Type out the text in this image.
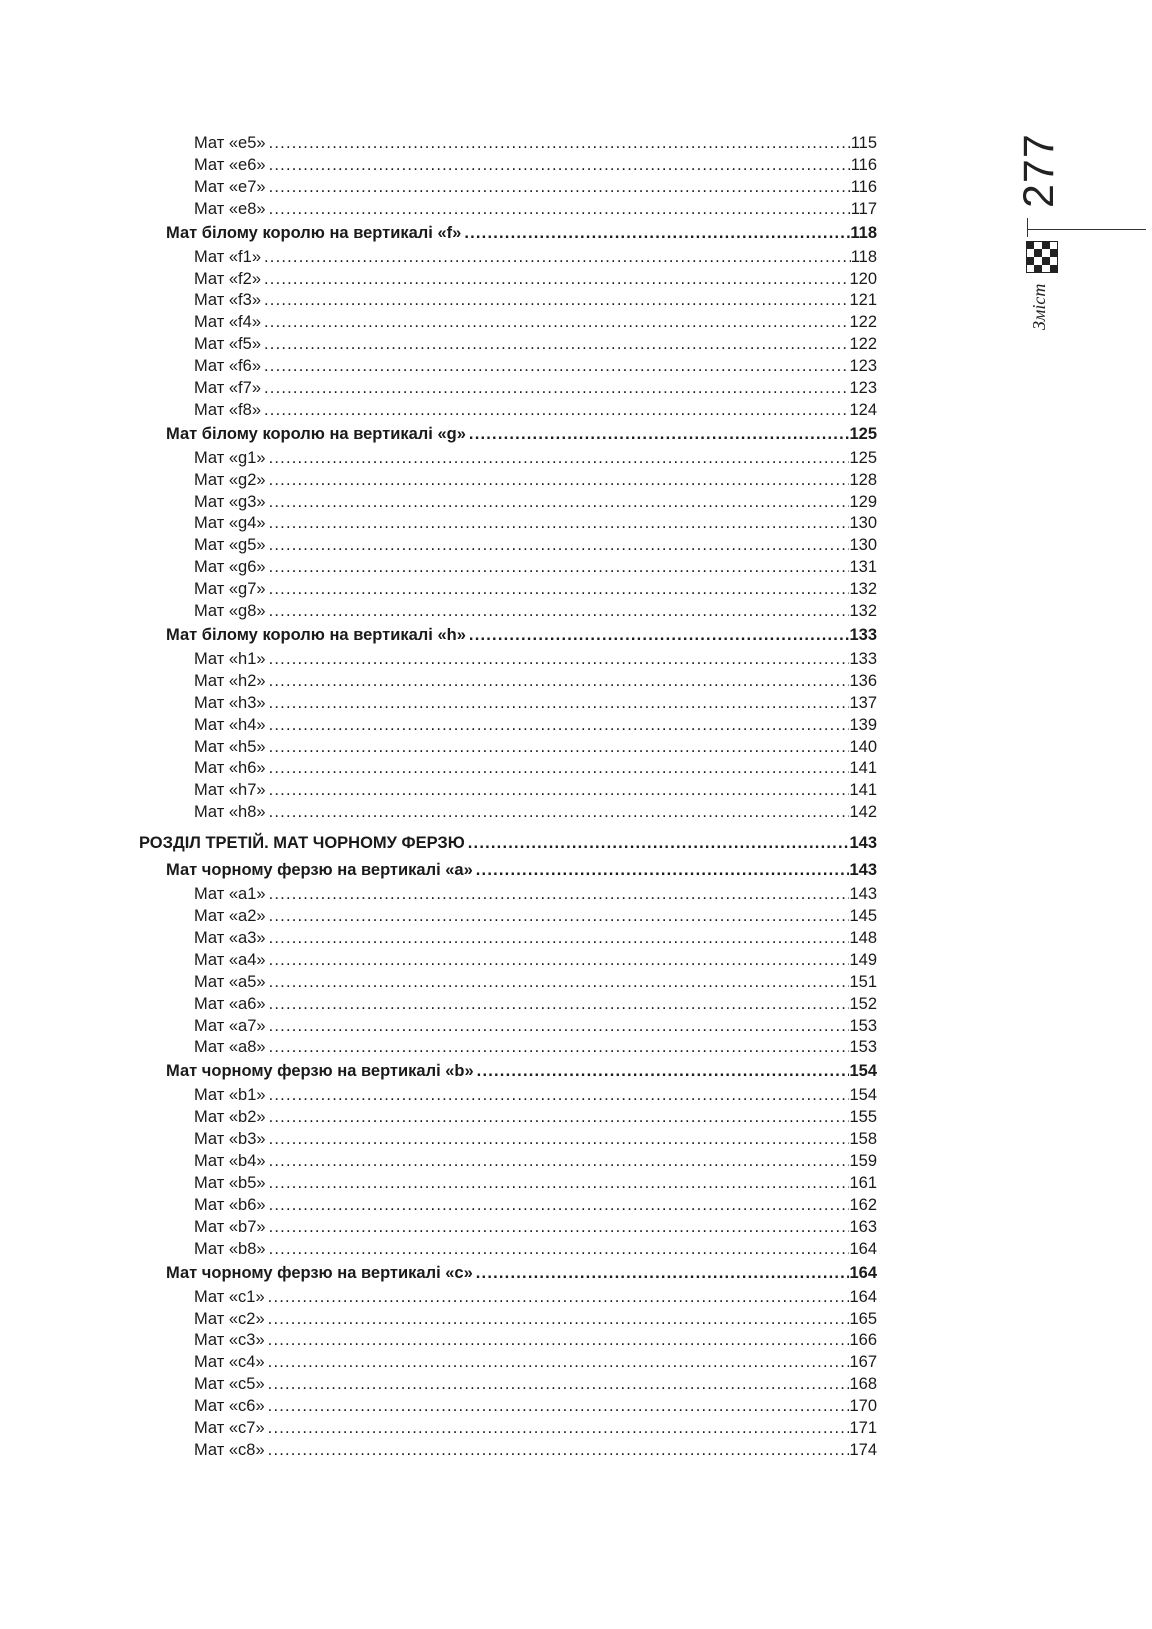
Мат «e5» .....	115
Мат «e6» .....	116
Мат «e7» .....	116
Мат «e8» .....	117
Мат білому королю на вертикалі «f» .....	118
Мат «f1» .....	118
Мат «f2» .....	120
Мат «f3» .....	121
Мат «f4» .....	122
Мат «f5» .....	122
Мат «f6» .....	123
Мат «f7» .....	123
Мат «f8» .....	124
Мат білому королю на вертикалі «g» .....	125
Мат «g1» .....	125
Мат «g2» .....	128
Мат «g3» .....	129
Мат «g4» .....	130
Мат «g5» .....	130
Мат «g6» .....	131
Мат «g7» .....	132
Мат «g8» .....	132
Мат білому королю на вертикалі «h» .....	133
Мат «h1» .....	133
Мат «h2» .....	136
Мат «h3» .....	137
Мат «h4» .....	139
Мат «h5» .....	140
Мат «h6» .....	141
Мат «h7» .....	141
Мат «h8» .....	142
РОЗДІЛ ТРЕТІЙ. МАТ ЧОРНОМУ ФЕРЗЮ .....	143
Мат чорному ферзю на вертикалі «a» .....	143
Мат «a1» .....	143
Мат «a2» .....	145
Мат «a3» .....	148
Мат «a4» .....	149
Мат «a5» .....	151
Мат «a6» .....	152
Мат «a7» .....	153
Мат «a8» .....	153
Мат чорному ферзю на вертикалі «b» .....	154
Мат «b1» .....	154
Мат «b2» .....	155
Мат «b3» .....	158
Мат «b4» .....	159
Мат «b5» .....	161
Мат «b6» .....	162
Мат «b7» .....	163
Мат «b8» .....	164
Мат чорному ферзю на вертикалі «c» .....	164
Мат «c1» .....	164
Мат «c2» .....	165
Мат «c3» .....	166
Мат «c4» .....	167
Мат «c5» .....	168
Мат «c6» .....	170
Мат «c7» .....	171
Мат «c8» .....	174
277
Зміст
